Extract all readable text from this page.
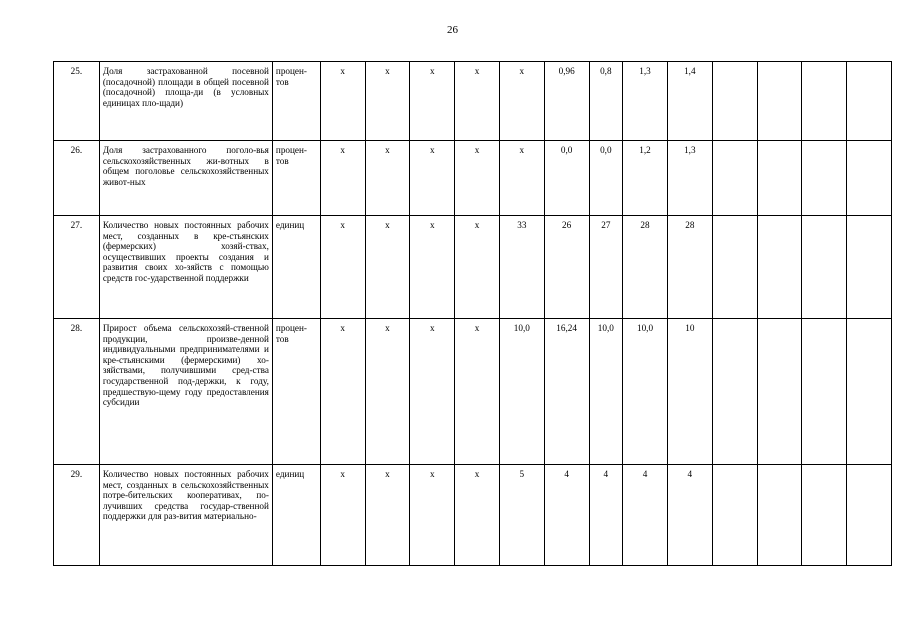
26
25.	Доля застрахованной посевной (посадочной) площади в общей посевной (посадочной) площа-ди (в условных единицах пло-щади)	процен-тов	х	х	х	х	х	0,96	0,8	1,3	1,4				
26.	Доля застрахованного поголо-вья сельскохозяйственных жи-вотных в общем поголовье сельскохозяйственных живот-ных	процен-тов	х	х	х	х	х	0,0	0,0	1,2	1,3				
27.	Количество новых постоянных рабочих мест, созданных в кре-стьянских (фермерских) хозяй-ствах, осуществивших проекты создания и развития своих хо-зяйств с помощью средств гос-ударственной поддержки	единиц	х	х	х	х	33	26	27	28	28				
28.	Прирост объема сельскохозяй-ственной продукции, произве-денной индивидуальными предпринимателями и кре-стьянскими (фермерскими) хо-зяйствами, получившими сред-ства государственной под-держки, к году, предшествую-щему году предоставления субсидии	процен-тов	х	х	х	х	10,0	16,24	10,0	10,0	10				
29.	Количество новых постоянных рабочих мест, созданных в сельскохозяйственных потре-бительских кооперативах, по-лучивших средства государ-ственной поддержки для раз-вития материально-	единиц	х	х	х	х	5	4	4	4	4				
